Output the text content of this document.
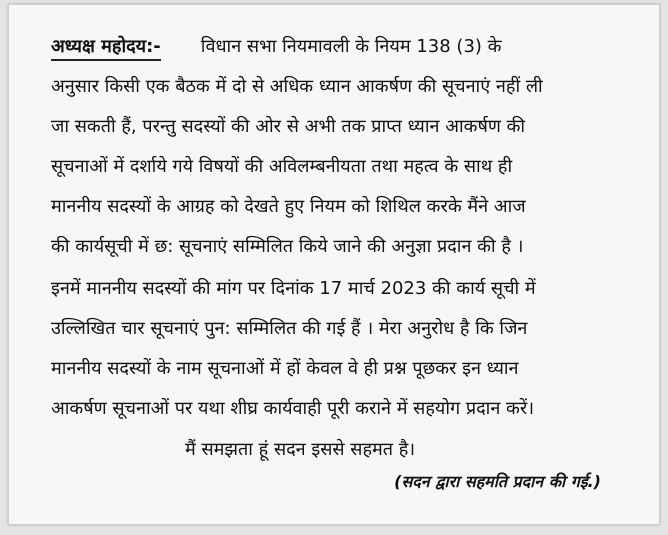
अध्यक्ष महोदय:- विधान सभा नियमावली के नियम 138 (3) के
अनुसार किसी एक बैठक में दो से अधिक ध्यान आकर्षण की सूचनाएं नहीं ली
जा सकती हैं, परन्तु सदस्यों की ओर से अभी तक प्राप्त ध्यान आकर्षण की
सूचनाओं में दर्शाये गये विषयों की अविलम्बनीयता तथा महत्व के साथ ही
माननीय सदस्यों के आग्रह को देखते हुए नियम को शिथिल करके मैंने आज
की कार्यसूची में छ: सूचनाएं सम्मिलित किये जाने की अनुज्ञा प्रदान की है ।
इनमें माननीय सदस्यों की मांग पर दिनांक 17 मार्च 2023 की कार्य सूची में
उल्लिखित चार सूचनाएं पुन: सम्मिलित की गई हैं । मेरा अनुरोध है कि जिन
माननीय सदस्यों के नाम सूचनाओं में हों केवल वे ही प्रश्न पूछकर इन ध्यान
आकर्षण सूचनाओं पर यथा शीघ्र कार्यवाही पूरी कराने में सहयोग प्रदान करें।
मैं समझता हूं सदन इससे सहमत है।
(सदन द्वारा सहमति प्रदान की गई.)
